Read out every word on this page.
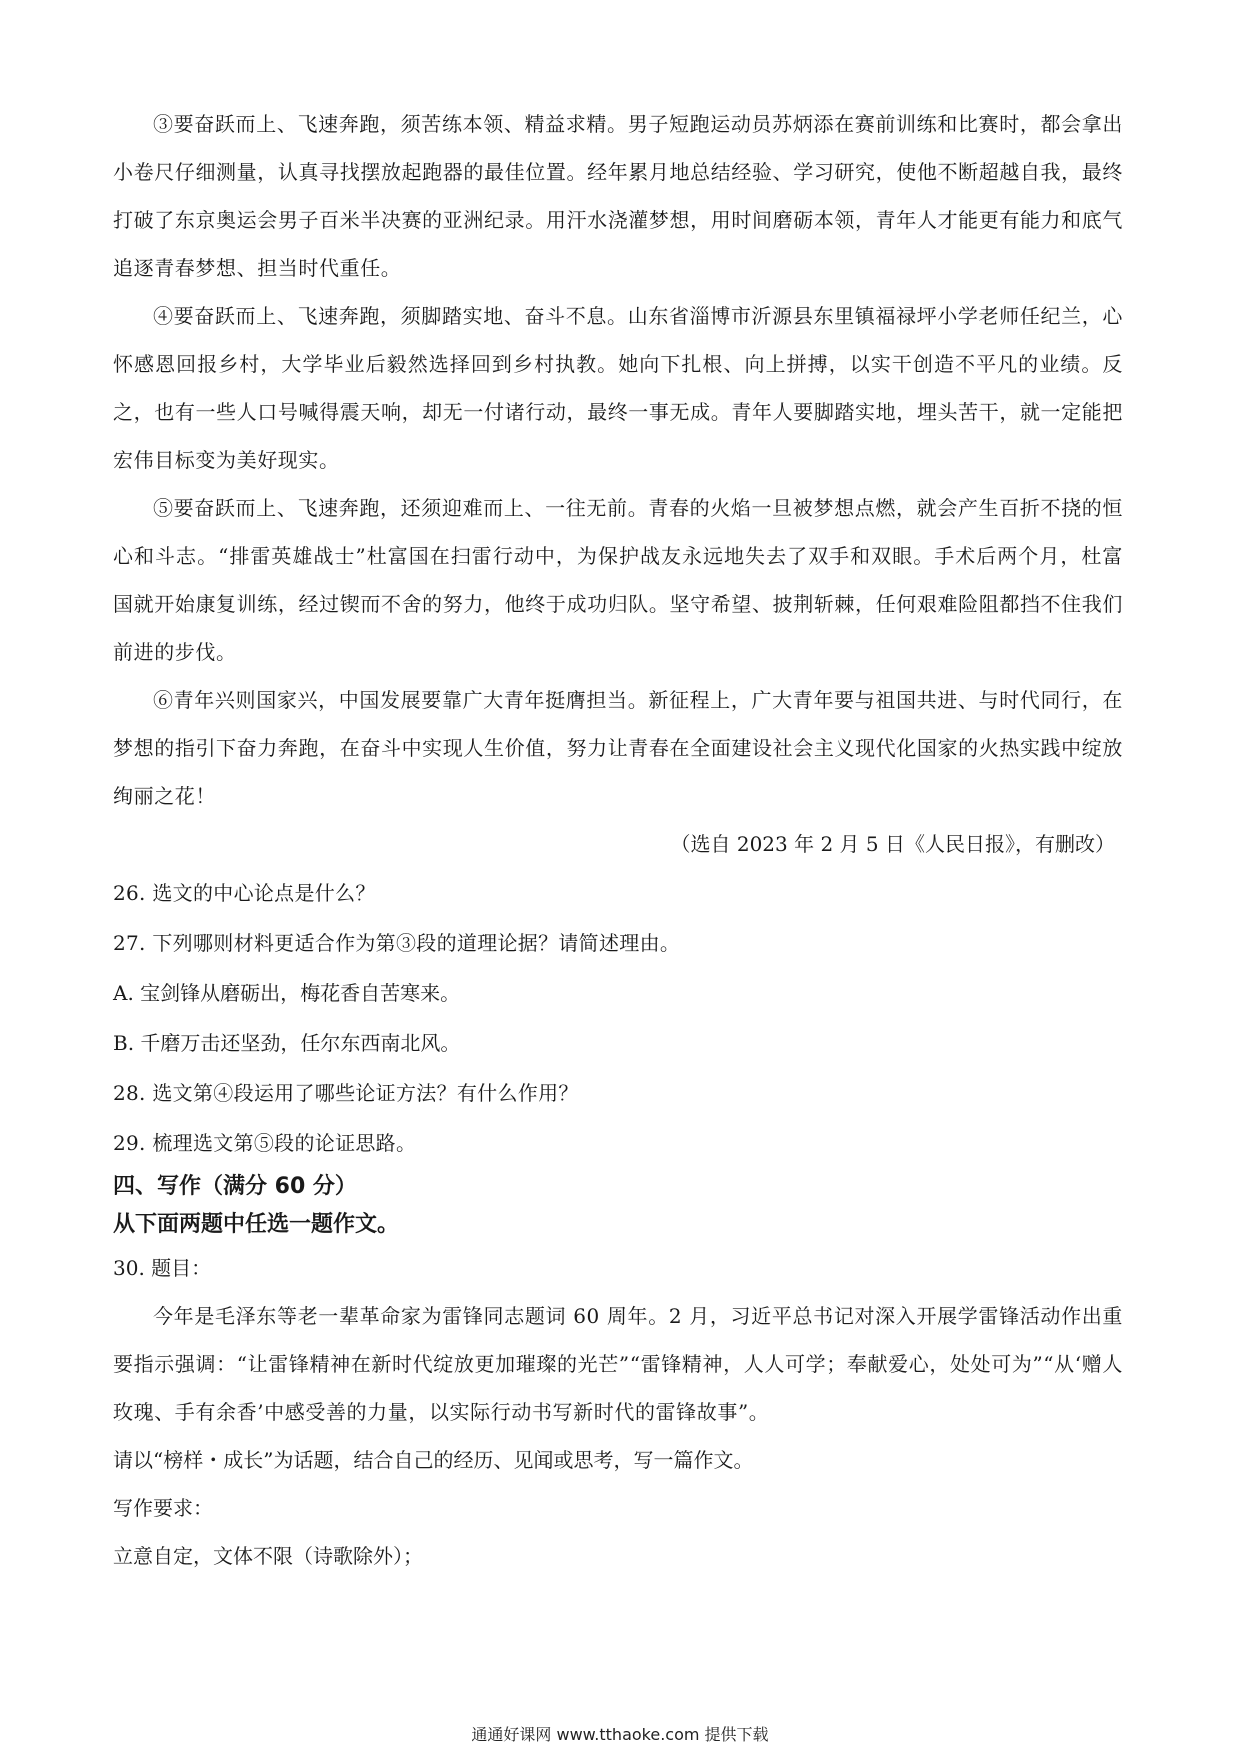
③要奋跃而上、飞速奔跑，须苦练本领、精益求精。男子短跑运动员苏炳添在赛前训练和比赛时，都会拿出小卷尺仔细测量，认真寻找摆放起跑器的最佳位置。经年累月地总结经验、学习研究，使他不断超越自我，最终打破了东京奥运会男子百米半决赛的亚洲纪录。用汗水浇灌梦想，用时间磨砺本领，青年人才能更有能力和底气追逐青春梦想、担当时代重任。

④要奋跃而上、飞速奔跑，须脚踏实地、奋斗不息。山东省淄博市沂源县东里镇福禄坪小学老师任纪兰，心怀感恩回报乡村，大学毕业后毅然选择回到乡村执教。她向下扎根、向上拼搏，以实干创造不平凡的业绩。反之，也有一些人口号喊得震天响，却无一付诸行动，最终一事无成。青年人要脚踏实地，埋头苦干，就一定能把宏伟目标变为美好现实。

⑤要奋跃而上、飞速奔跑，还须迎难而上、一往无前。青春的火焰一旦被梦想点燃，就会产生百折不挠的恒心和斗志。“排雷英雄战士”杜富国在扫雷行动中，为保护战友永远地失去了双手和双眼。手术后两个月，杜富国就开始康复训练，经过锲而不舍的努力，他终于成功归队。坚守希望、披荆斩棘，任何艰难险阻都挡不住我们前进的步伐。

⑥青年兴则国家兴，中国发展要靠广大青年挺膺担当。新征程上，广大青年要与祖国共进、与时代同行，在梦想的指引下奋力奔跑，在奋斗中实现人生价值，努力让青春在全面建设社会主义现代化国家的火热实践中绽放绚丽之花！

（选自 2023 年 2 月 5 日《人民日报》，有删改）

26. 选文的中心论点是什么？

27. 下列哪则材料更适合作为第③段的道理论据？请简述理由。

A. 宝剑锋从磨砺出，梅花香自苦寒来。

B. 千磨万击还坚劲，任尔东西南北风。

28. 选文第④段运用了哪些论证方法？有什么作用？

29. 梳理选文第⑤段的论证思路。

四、写作（满分 60 分）

从下面两题中任选一题作文。

30. 题目：

今年是毛泽东等老一辈革命家为雷锋同志题词 60 周年。2 月，习近平总书记对深入开展学雷锋活动作出重要指示强调：“让雷锋精神在新时代绽放更加璀璨的光芒”“雷锋精神，人人可学；奉献爱心，处处可为”“从‘赠人玫瑰、手有余香’中感受善的力量，以实际行动书写新时代的雷锋故事”。

请以“榜样・成长”为话题，结合自己的经历、见闻或思考，写一篇作文。

写作要求：

立意自定，文体不限（诗歌除外）；

通通好课网 www.tthaoke.com 提供下载
